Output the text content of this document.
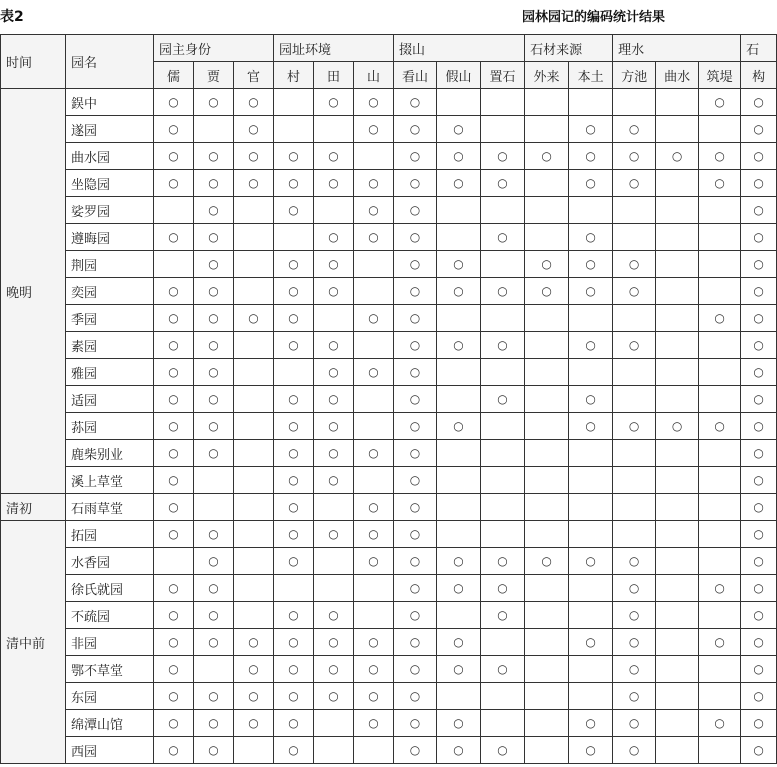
表2	园林园记的编码统计结果
时间	园名	园主身份			园址环境			掇山			石材来源		理水			石
		儒	贾	官	村	田	山	看山	假山	置石	外来	本土	方池	曲水	筑堤	构
晚明	鋘中	○	○	○		○	○	○							○	○
	遂园	○		○			○	○	○			○	○			○
	曲水园	○	○	○	○	○		○	○	○	○	○	○	○	○	○
	坐隐园	○	○	○	○	○	○	○	○	○		○	○		○	○
	娑罗园		○		○		○	○								○
	遵晦园	○	○			○	○	○		○		○				○
	荆园		○		○	○		○	○		○	○	○			○
	奕园	○	○		○	○		○	○	○	○	○	○			○
	季园	○	○	○	○		○	○							○	○
	素园	○	○		○	○		○	○	○		○	○			○
	雅园	○	○			○	○	○								○
	适园	○	○		○	○		○		○		○				○
	荪园	○	○		○	○		○	○			○	○	○	○	○
	鹿柴别业	○	○		○	○	○	○								○
	溪上草堂	○			○	○		○								○
清初	石雨草堂	○			○		○	○								○
清中前	拓园	○	○		○	○	○	○								○
	水香园		○		○		○	○	○	○	○	○	○			○
	徐氏就园	○	○					○	○	○			○		○	○
	不疏园	○	○		○	○		○		○			○			○
	非园	○	○	○	○	○	○	○	○			○	○		○	○
	鄂不草堂	○		○	○	○	○	○	○	○			○			○
	东园	○	○	○	○	○	○	○					○			○
	绵潭山馆	○	○	○	○		○	○	○			○	○		○	○
	西园	○	○		○			○	○	○		○	○			○
